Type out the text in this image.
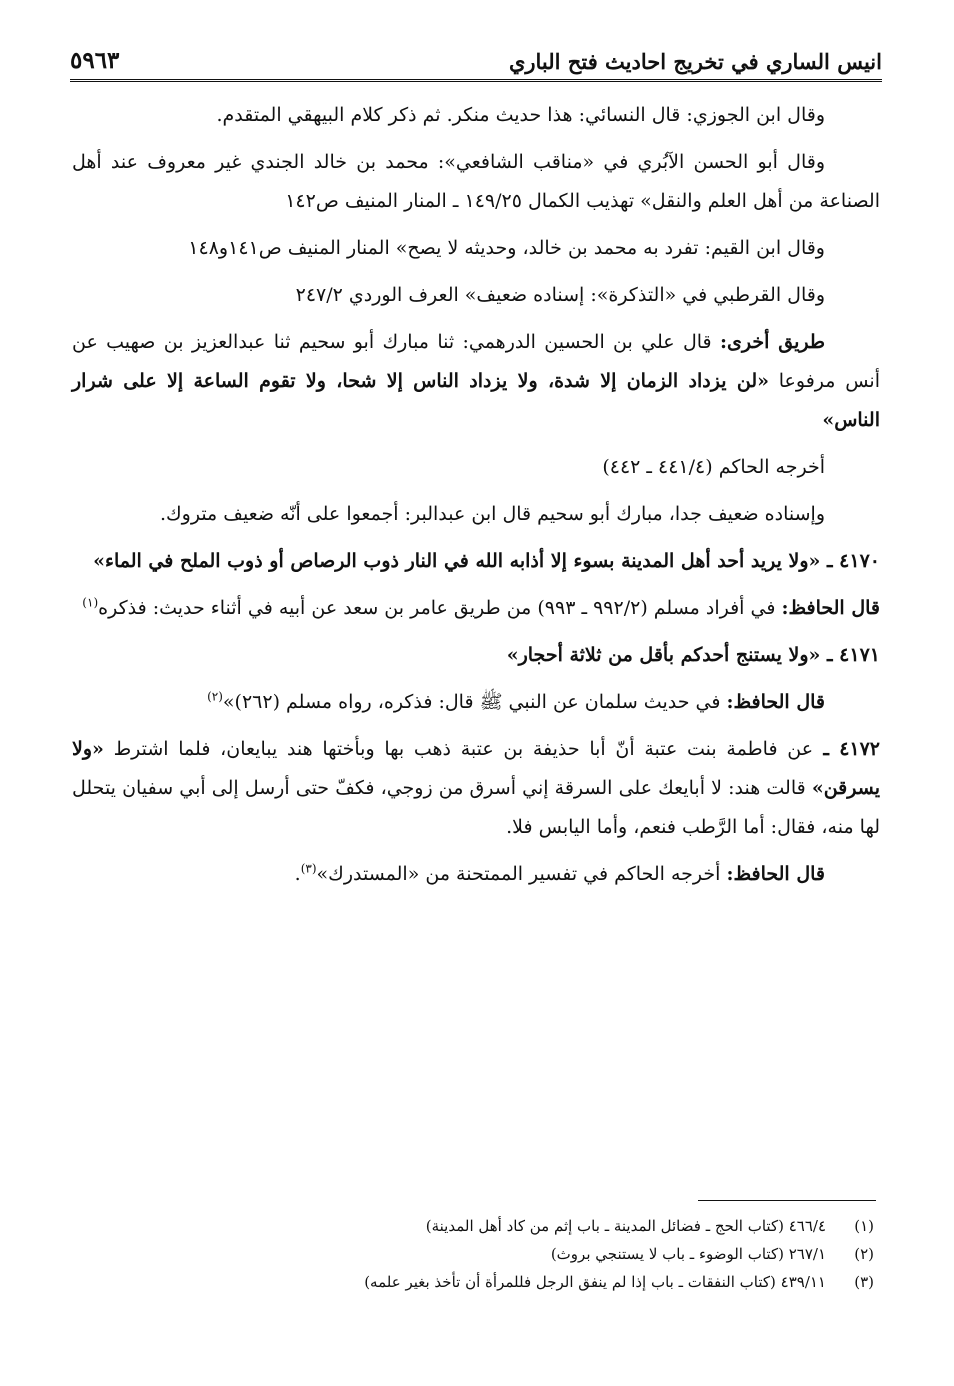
انيس الساري في تخريج احاديث فتح الباري
٥٩٦٣

وقال ابن الجوزي: قال النسائي: هذا حديث منكر. ثم ذكر كلام البيهقي المتقدم.

وقال أبو الحسن الآبُري في «مناقب الشافعي»: محمد بن خالد الجندي غير معروف عند أهل الصناعة من أهل العلم والنقل» تهذيب الكمال ١٤٩/٢٥ ـ المنار المنيف ص١٤٢

وقال ابن القيم: تفرد به محمد بن خالد، وحديثه لا يصح» المنار المنيف ص١٤١و١٤٨

وقال القرطبي في «التذكرة»: إسناده ضعيف» العرف الوردي ٢٤٧/٢

طريق أخرى: قال علي بن الحسين الدرهمي: ثنا مبارك أبو سحيم ثنا عبدالعزيز بن صهيب عن أنس مرفوعا «لن يزداد الزمان إلا شدة، ولا يزداد الناس إلا شحا، ولا تقوم الساعة إلا على شرار الناس»

أخرجه الحاكم (٤٤١/٤ ـ ٤٤٢)

وإسناده ضعيف جدا، مبارك أبو سحيم قال ابن عبدالبر: أجمعوا على أنّه ضعيف متروك.

٤١٧٠ ـ «ولا يريد أحد أهل المدينة بسوء إلا أذابه الله في النار ذوب الرصاص أو ذوب الملح في الماء»

قال الحافظ: في أفراد مسلم (٩٩٢/٢ ـ ٩٩٣) من طريق عامر بن سعد عن أبيه في أثناء حديث: فذكره$^{(١)}$

٤١٧١ ـ «ولا يستنج أحدكم بأقل من ثلاثة أحجار»

قال الحافظ: في حديث سلمان عن النبي ﷺ قال: فذكره، رواه مسلم (٢٦٢)»$^{(٢)}$

٤١٧٢ ـ عن فاطمة بنت عتبة أنّ أبا حذيفة بن عتبة ذهب بها وبأختها هند يبايعان، فلما اشترط «ولا يسرقن» قالت هند: لا أبايعك على السرقة إني أسرق من زوجي، فكفّ حتى أرسل إلى أبي سفيان يتحلل لها منه، فقال: أما الرَّطب فنعم، وأما اليابس فلا.

قال الحافظ: أخرجه الحاكم في تفسير الممتحنة من «المستدرك»$^{(٣)}$.

(١)
٤٦٦/٤ (كتاب الحج ـ فضائل المدينة ـ باب إثم من كاد أهل المدينة)
(٢)
٢٦٧/١ (كتاب الوضوء ـ باب لا يستنجي بروث)
(٣)
٤٣٩/١١ (كتاب النفقات ـ باب إذا لم ينفق الرجل فللمرأة أن تأخذ بغير علمه)
